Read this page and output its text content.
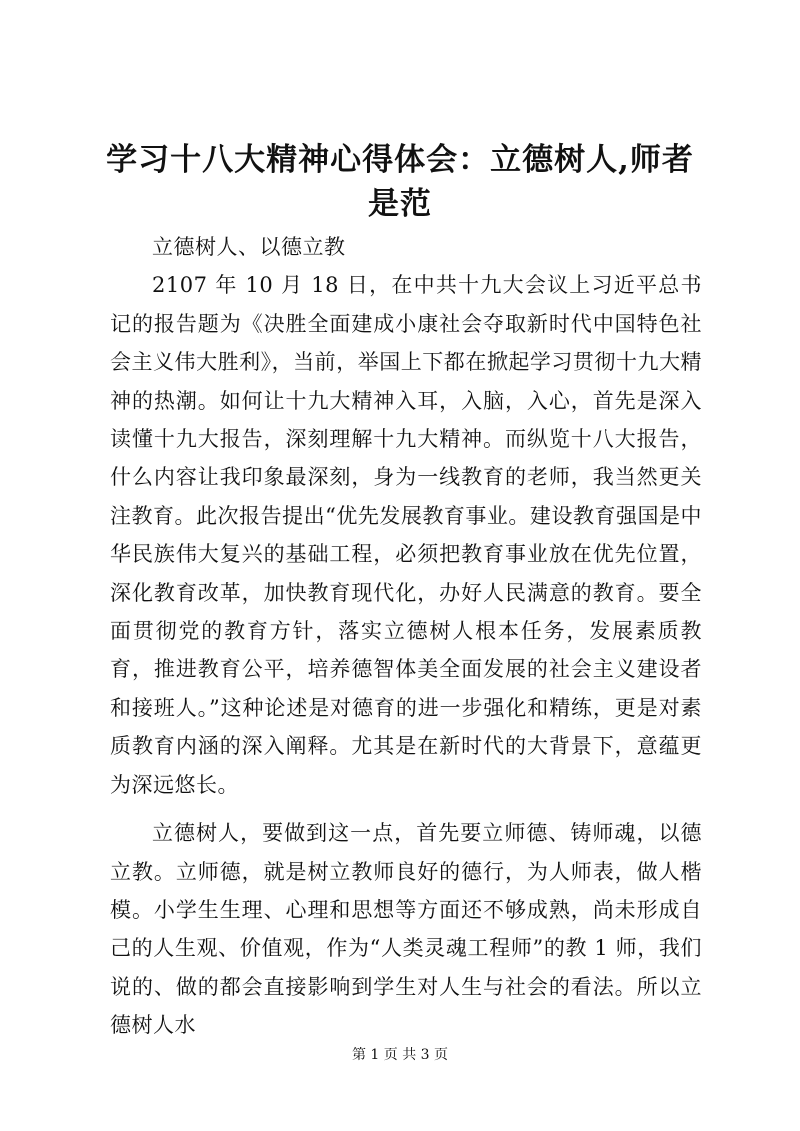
学习十八大精神心得体会：立德树人,师者是范

立德树人、以德立教

2107 年 10 月 18 日，在中共十九大会议上习近平总书记的报告题为《决胜全面建成小康社会夺取新时代中国特色社会主义伟大胜利》，当前，举国上下都在掀起学习贯彻十九大精神的热潮。如何让十九大精神入耳，入脑，入心，首先是深入读懂十九大报告，深刻理解十九大精神。而纵览十八大报告，什么内容让我印象最深刻，身为一线教育的老师，我当然更关注教育。此次报告提出“优先发展教育事业。建设教育强国是中华民族伟大复兴的基础工程，必须把教育事业放在优先位置，深化教育改革，加快教育现代化，办好人民满意的教育。要全面贯彻党的教育方针，落实立德树人根本任务，发展素质教育，推进教育公平，培养德智体美全面发展的社会主义建设者和接班人。”这种论述是对德育的进一步强化和精练，更是对素质教育内涵的深入阐释。尤其是在新时代的大背景下，意蕴更为深远悠长。

立德树人，要做到这一点，首先要立师德、铸师魂，以德立教。立师德，就是树立教师良好的德行，为人师表，做人楷模。小学生生理、心理和思想等方面还不够成熟，尚未形成自己的人生观、价值观，作为“人类灵魂工程师”的教 1 师，我们说的、做的都会直接影响到学生对人生与社会的看法。所以立德树人水

第 1 页 共 3 页
